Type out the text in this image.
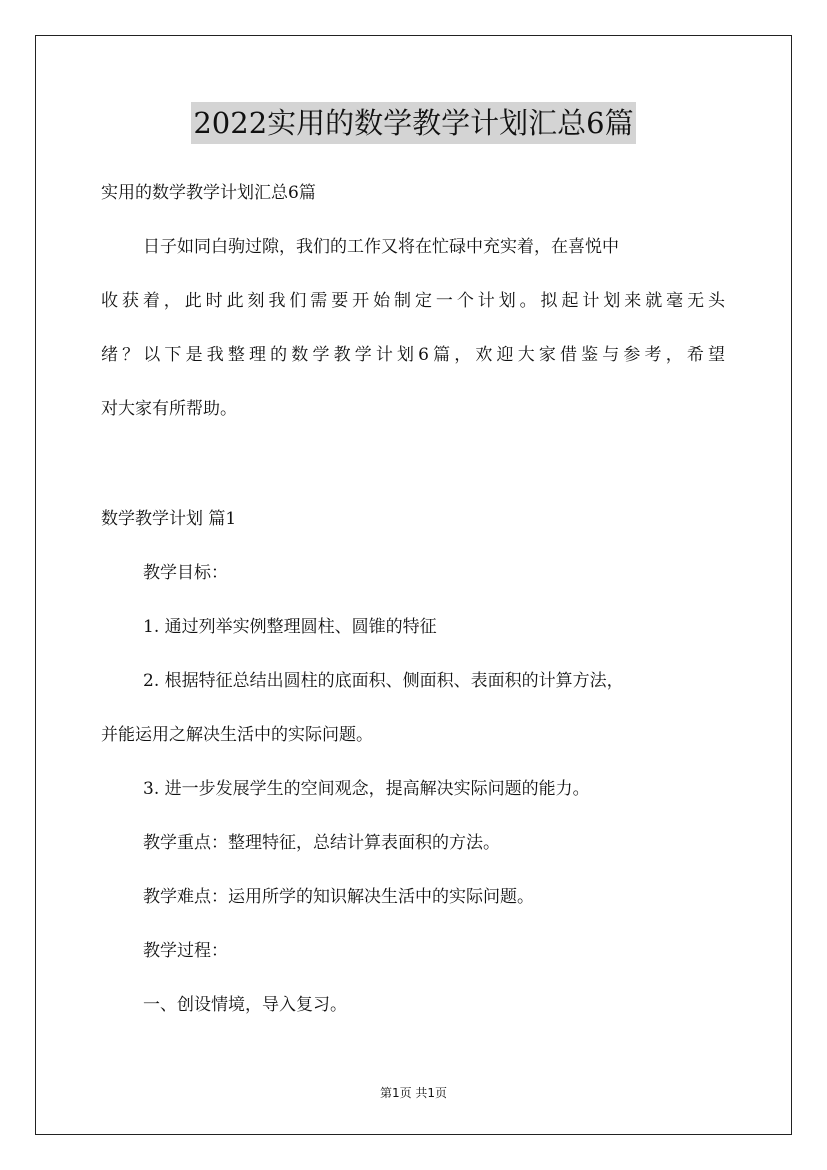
2022实用的数学教学计划汇总6篇
实用的数学教学计划汇总6篇
日子如同白驹过隙，我们的工作又将在忙碌中充实着，在喜悦中
收获着，此时此刻我们需要开始制定一个计划。拟起计划来就毫无头
绪？以下是我整理的数学教学计划6篇，欢迎大家借鉴与参考，希望
对大家有所帮助。
数学教学计划 篇1
教学目标：
1. 通过列举实例整理圆柱、圆锥的特征
2. 根据特征总结出圆柱的底面积、侧面积、表面积的计算方法，
并能运用之解决生活中的实际问题。
3. 进一步发展学生的空间观念，提高解决实际问题的能力。
教学重点：整理特征，总结计算表面积的方法。
教学难点：运用所学的知识解决生活中的实际问题。
教学过程：
一、创设情境，导入复习。
第1页 共1页
